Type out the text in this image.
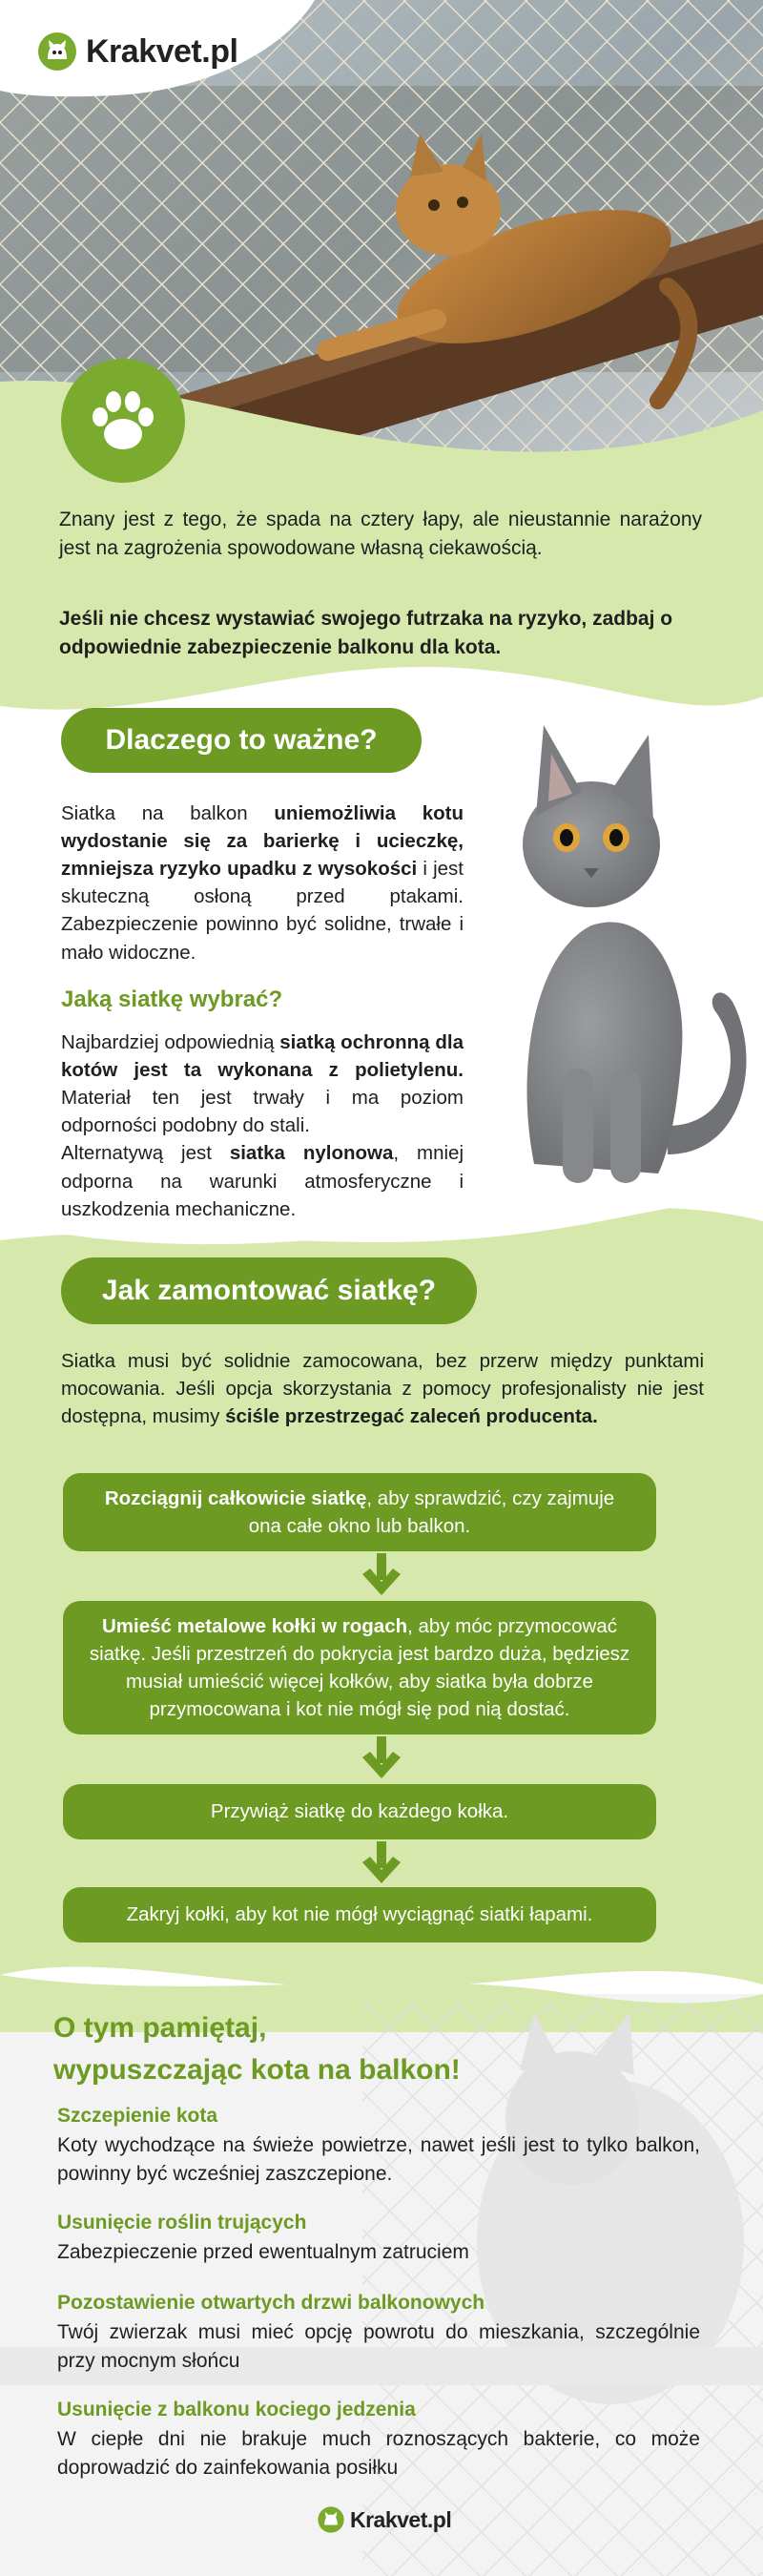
Krakvet.pl

Znany jest z tego, że spada na cztery łapy, ale nieustannie narażony jest na zagrożenia spowodowane własną ciekawością.

Jeśli nie chcesz wystawiać swojego futrzaka na ryzyko, zadbaj o odpowiednie zabezpieczenie balkonu dla kota.

Dlaczego to ważne?

Siatka na balkon uniemożliwia kotu wydostanie się za barierkę i ucieczkę, zmniejsza ryzyko upadku z wysokości i jest skuteczną osłoną przed ptakami. Zabezpieczenie powinno być solidne, trwałe i mało widoczne.

Jaką siatkę wybrać?

Najbardziej odpowiednią siatką ochronną dla kotów jest ta wykonana z polietylenu. Materiał ten jest trwały i ma poziom odporności podobny do stali.
Alternatywą jest siatka nylonowa, mniej odporna na warunki atmosferyczne i uszkodzenia mechaniczne.

Jak zamontować siatkę?

Siatka musi być solidnie zamocowana, bez przerw między punktami mocowania. Jeśli opcja skorzystania z pomocy profesjonalisty nie jest dostępna, musimy ściśle przestrzegać zaleceń producenta.

Rozciągnij całkowicie siatkę, aby sprawdzić, czy zajmuje ona całe okno lub balkon.
Umieść metalowe kołki w rogach, aby móc przymocować siatkę. Jeśli przestrzeń do pokrycia jest bardzo duża, będziesz musiał umieścić więcej kołków, aby siatka była dobrze przymocowana i kot nie mógł się pod nią dostać.
Przywiąż siatkę do każdego kołka.
Zakryj kołki, aby kot nie mógł wyciągnąć siatki łapami.
O tym pamiętaj,
wypuszczając kota na balkon!
Szczepienie kota

Koty wychodzące na świeże powietrze, nawet jeśli jest to tylko balkon, powinny być wcześniej zaszczepione.

Usunięcie roślin trujących

Zabezpieczenie przed ewentualnym zatruciem

Pozostawienie otwartych drzwi balkonowych

Twój zwierzak musi mieć opcję powrotu do mieszkania, szczególnie przy mocnym słońcu

Usunięcie z balkonu kociego jedzenia

W ciepłe dni nie brakuje much roznoszących bakterie, co może doprowadzić do zainfekowania posiłku

Krakvet.pl
